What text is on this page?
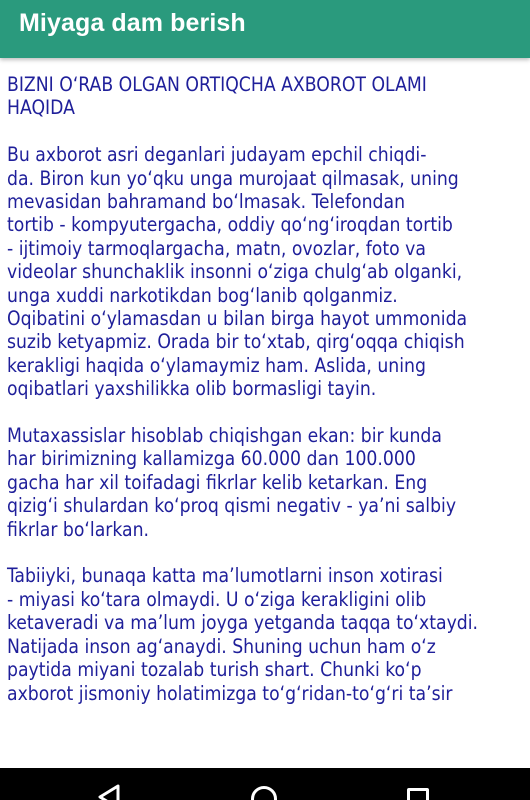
Miyaga dam berish

BIZNI O‘RAB OLGAN ORTIQCHA AXBOROT OLAMI
HAQIDA

Bu axborot asri deganlari judayam epchil chiqdi-
da. Biron kun yo‘qku unga murojaat qilmasak, uning
mevasidan bahramand bo‘lmasak. Telefondan
tortib - kompyutergacha, oddiy qo‘ng‘iroqdan tortib
- ijtimoiy tarmoqlargacha, matn, ovozlar, foto va
videolar shunchaklik insonni o‘ziga chulg‘ab olganki,
unga xuddi narkotikdan bog‘lanib qolganmiz.
Oqibatini o‘ylamasdan u bilan birga hayot ummonida
suzib ketyapmiz. Orada bir to‘xtab, qirg‘oqqa chiqish
kerakligi haqida o‘ylamaymiz ham. Aslida, uning
oqibatlari yaxshilikka olib bormasligi tayin.

Mutaxassislar hisoblab chiqishgan ekan: bir kunda
har birimizning kallamizga 60.000 dan 100.000
gacha har xil toifadagi fikrlar kelib ketarkan. Eng
qizig‘i shulardan ko‘proq qismi negativ - ya’ni salbiy
fikrlar bo‘larkan.

Tabiiyki, bunaqa katta ma’lumotlarni inson xotirasi
- miyasi ko‘tara olmaydi. U o‘ziga kerakligini olib
ketaveradi va ma’lum joyga yetganda taqqa to‘xtaydi.
Natijada inson ag‘anaydi. Shuning uchun ham o‘z
paytida miyani tozalab turish shart. Chunki ko‘p
axborot jismoniy holatimizga to‘g‘ridan-to‘g‘ri ta’sir
